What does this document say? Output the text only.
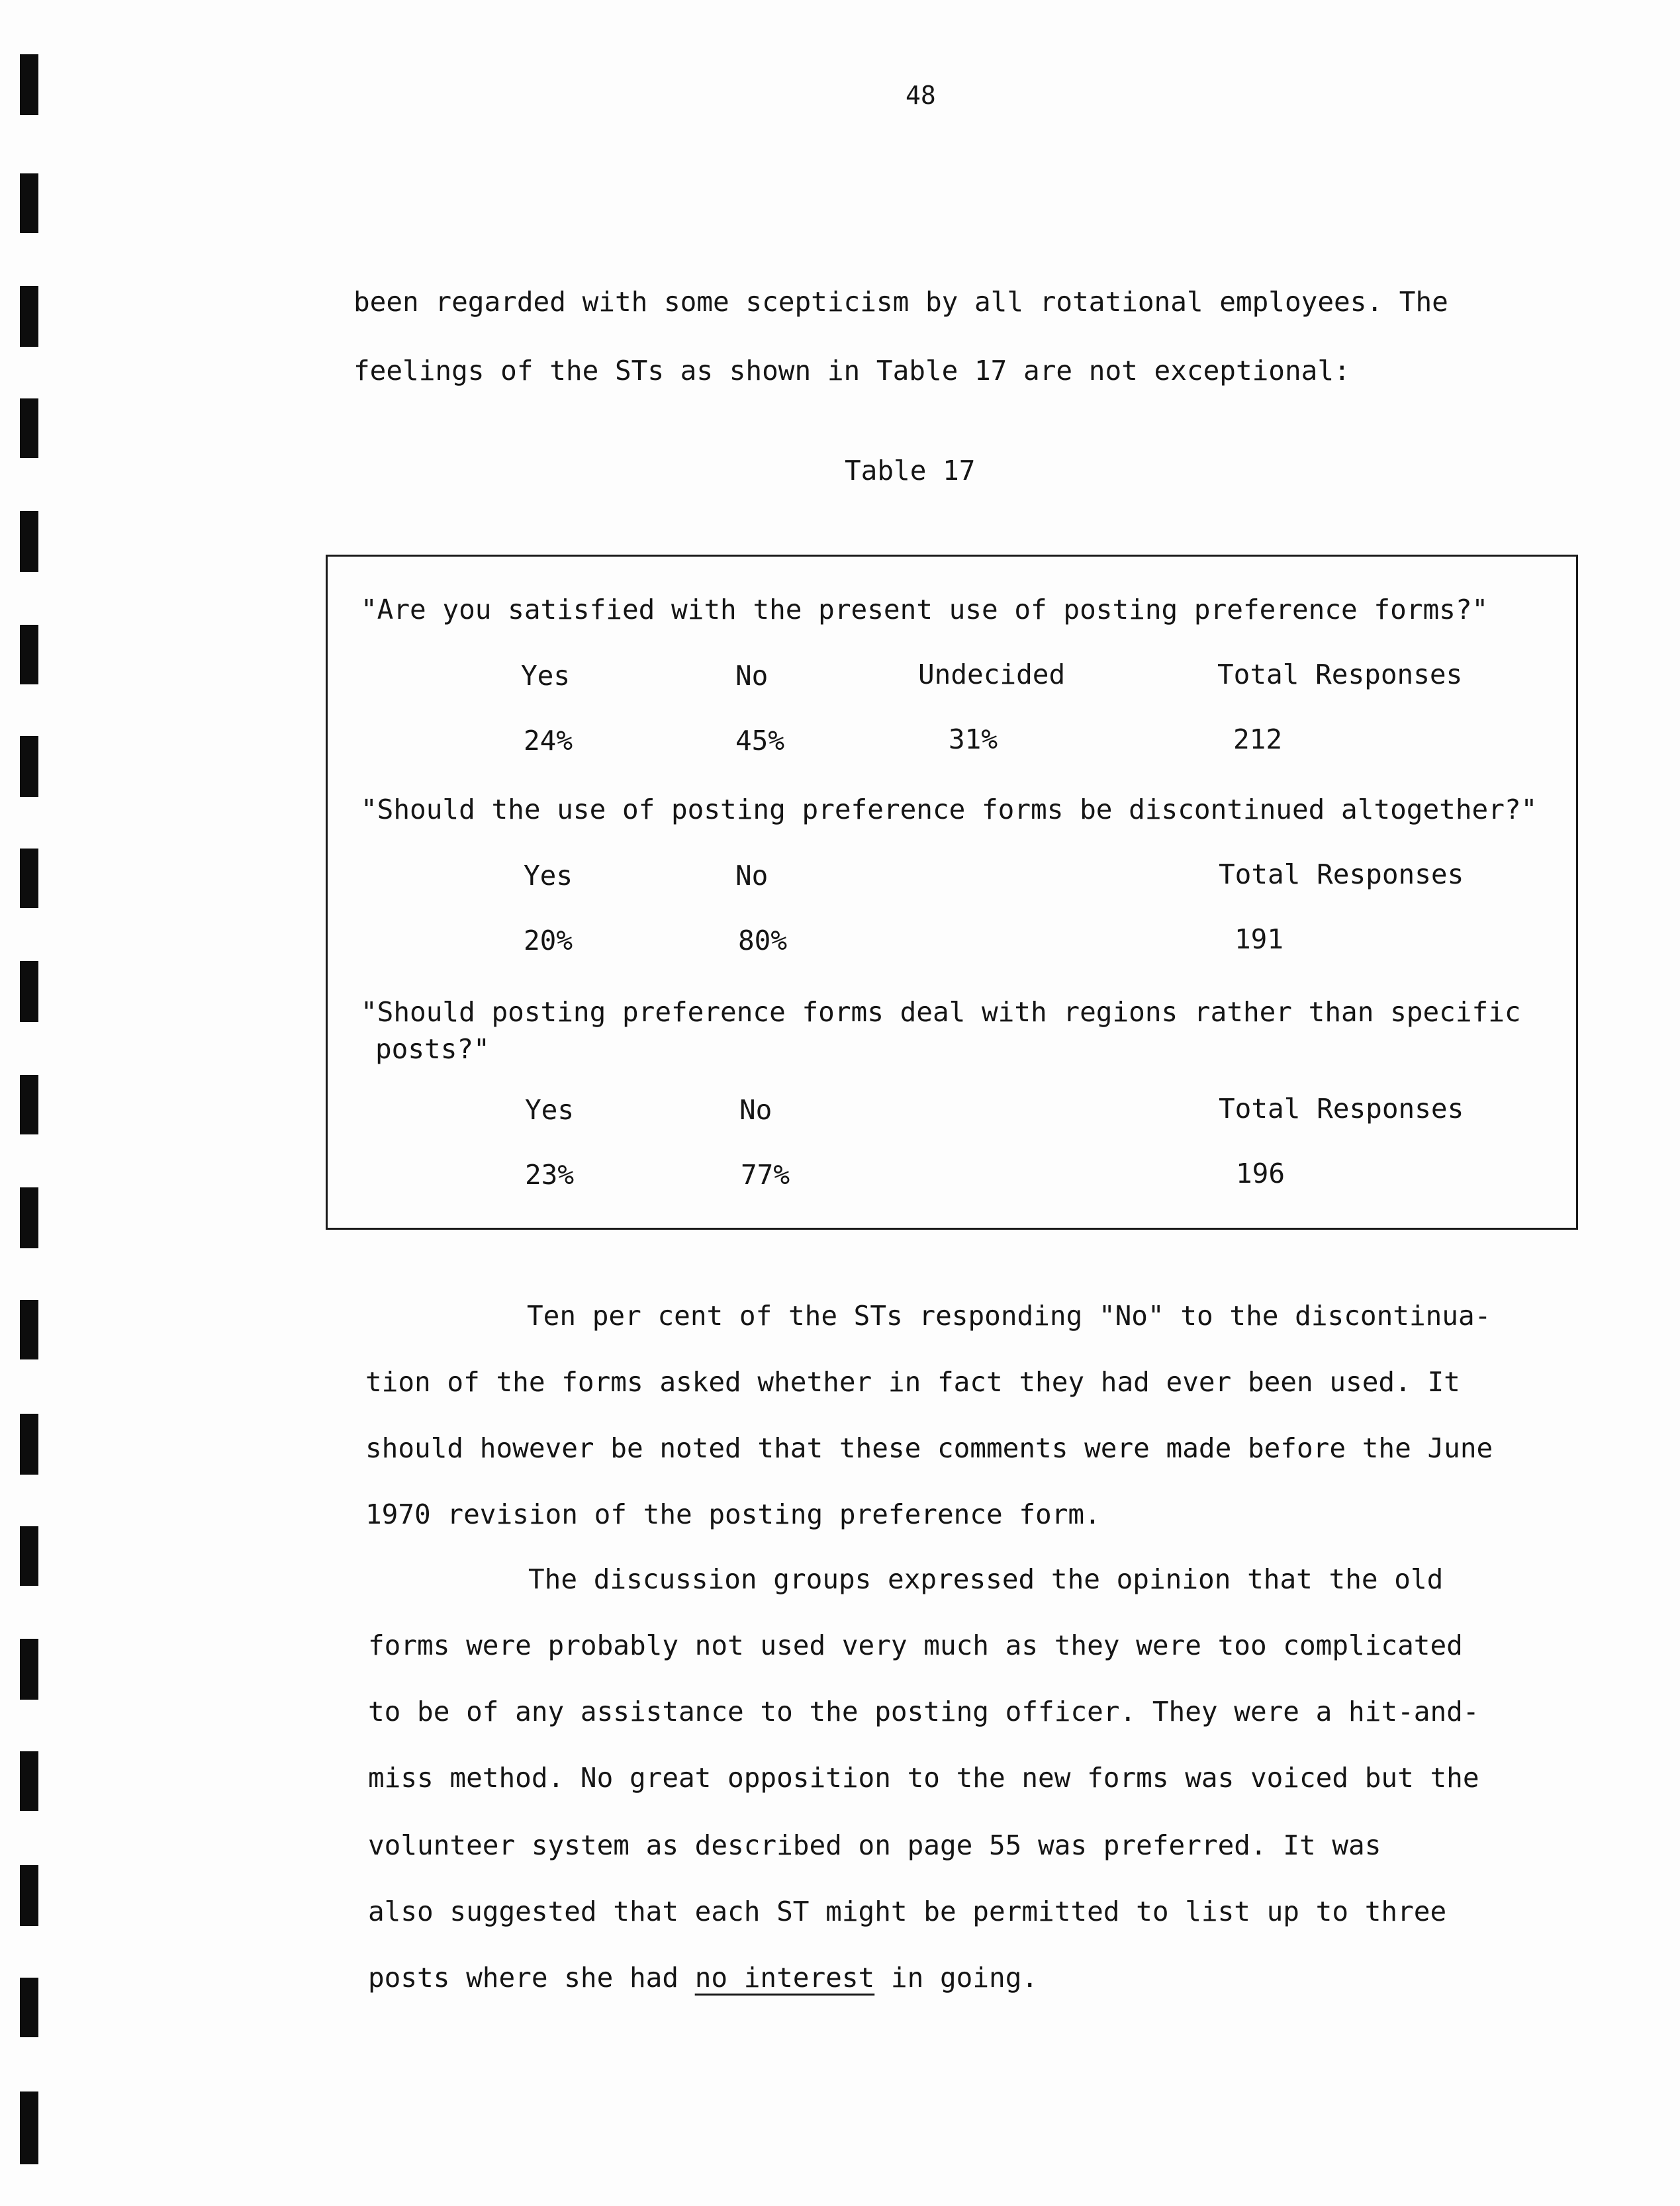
48
been regarded with some scepticism by all rotational employees. The
feelings of the STs as shown in Table 17 are not exceptional:
Table 17
"Are you satisfied with the present use of posting preference forms?"
Yes	No	Undecided	Total Responses
24%	45%	31%	212
"Should the use of posting preference forms be discontinued altogether?"
Yes	No	Total Responses
20%	80%	191
"Should posting preference forms deal with regions rather than specific
posts?"
Yes	No	Total Responses
23%	77%	196
Ten per cent of the STs responding "No" to the discontinua-
tion of the forms asked whether in fact they had ever been used. It
should however be noted that these comments were made before the June
1970 revision of the posting preference form.
The discussion groups expressed the opinion that the old
forms were probably not used very much as they were too complicated
to be of any assistance to the posting officer. They were a hit-and-
miss method. No great opposition to the new forms was voiced but the
volunteer system as described on page 55 was preferred. It was
also suggested that each ST might be permitted to list up to three
posts where she had no interest in going.
